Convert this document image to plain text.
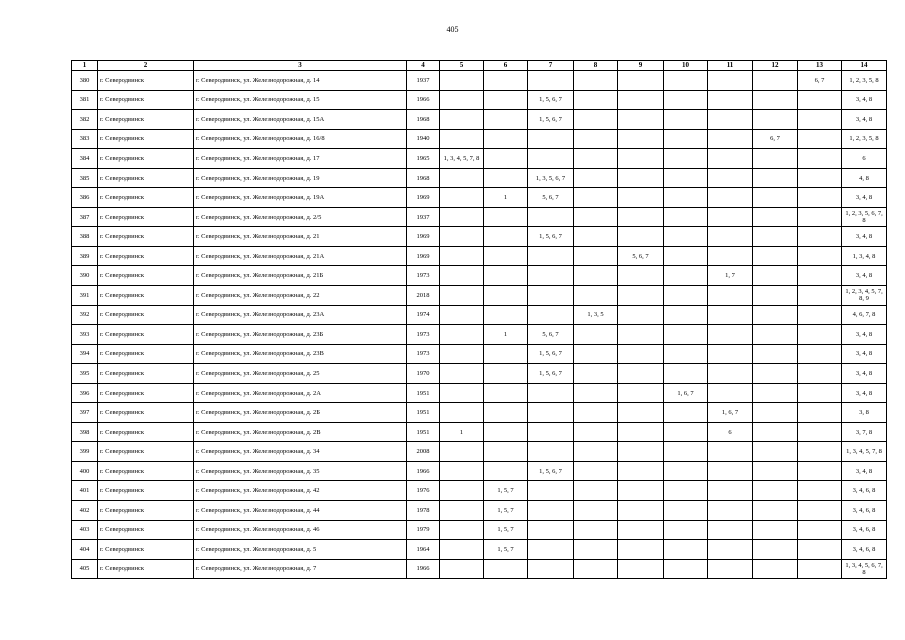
405
1	2	3	4	5	6	7	8	9	10	11	12	13	14
380	г. Северодвинск	г. Северодвинск, ул. Железнодорожная, д. 14	1937									6, 7	1, 2, 3, 5, 8
381	г. Северодвинск	г. Северодвинск, ул. Железнодорожная, д. 15	1966			1, 5, 6, 7							3, 4, 8
382	г. Северодвинск	г. Северодвинск, ул. Железнодорожная, д. 15А	1968			1, 5, 6, 7							3, 4, 8
383	г. Северодвинск	г. Северодвинск, ул. Железнодорожная, д. 16/8	1940								6, 7		1, 2, 3, 5, 8
384	г. Северодвинск	г. Северодвинск, ул. Железнодорожная, д. 17	1965	1, 3, 4, 5, 7, 8									6
385	г. Северодвинск	г. Северодвинск, ул. Железнодорожная, д. 19	1968			1, 3, 5, 6, 7							4, 8
386	г. Северодвинск	г. Северодвинск, ул. Железнодорожная, д. 19А	1969		1	5, 6, 7							3, 4, 8
387	г. Северодвинск	г. Северодвинск, ул. Железнодорожная, д. 2/5	1937										1, 2, 3, 5, 6, 7, 8
388	г. Северодвинск	г. Северодвинск, ул. Железнодорожная, д. 21	1969			1, 5, 6, 7							3, 4, 8
389	г. Северодвинск	г. Северодвинск, ул. Железнодорожная, д. 21А	1969					5, 6, 7					1, 3, 4, 8
390	г. Северодвинск	г. Северодвинск, ул. Железнодорожная, д. 21Б	1973							1, 7			3, 4, 8
391	г. Северодвинск	г. Северодвинск, ул. Железнодорожная, д. 22	2018										1, 2, 3, 4, 5, 7, 8, 9
392	г. Северодвинск	г. Северодвинск, ул. Железнодорожная, д. 23А	1974				1, 3, 5						4, 6, 7, 8
393	г. Северодвинск	г. Северодвинск, ул. Железнодорожная, д. 23Б	1973		1	5, 6, 7							3, 4, 8
394	г. Северодвинск	г. Северодвинск, ул. Железнодорожная, д. 23В	1973			1, 5, 6, 7							3, 4, 8
395	г. Северодвинск	г. Северодвинск, ул. Железнодорожная, д. 25	1970			1, 5, 6, 7							3, 4, 8
396	г. Северодвинск	г. Северодвинск, ул. Железнодорожная, д. 2А	1951						1, 6, 7				3, 4, 8
397	г. Северодвинск	г. Северодвинск, ул. Железнодорожная, д. 2Б	1951							1, 6, 7			3, 8
398	г. Северодвинск	г. Северодвинск, ул. Железнодорожная, д. 2В	1951	1						6			3, 7, 8
399	г. Северодвинск	г. Северодвинск, ул. Железнодорожная, д. 34	2008										1, 3, 4, 5, 7, 8
400	г. Северодвинск	г. Северодвинск, ул. Железнодорожная, д. 35	1966			1, 5, 6, 7							3, 4, 8
401	г. Северодвинск	г. Северодвинск, ул. Железнодорожная, д. 42	1976		1, 5, 7								3, 4, 6, 8
402	г. Северодвинск	г. Северодвинск, ул. Железнодорожная, д. 44	1978		1, 5, 7								3, 4, 6, 8
403	г. Северодвинск	г. Северодвинск, ул. Железнодорожная, д. 46	1979		1, 5, 7								3, 4, 6, 8
404	г. Северодвинск	г. Северодвинск, ул. Железнодорожная, д. 5	1964		1, 5, 7								3, 4, 6, 8
405	г. Северодвинск	г. Северодвинск, ул. Железнодорожная, д. 7	1966										1, 3, 4, 5, 6, 7, 8
